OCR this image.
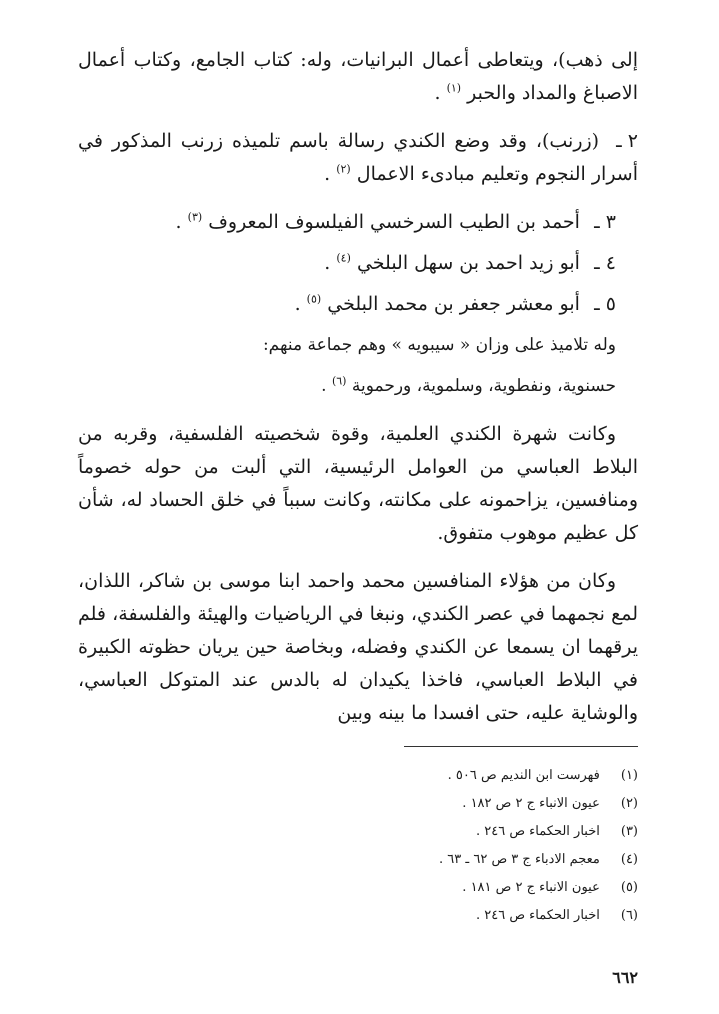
إلى ذهب)، ويتعاطى أعمال البرانيات، وله: كتاب الجامع، وكتاب أعمال الاصباغ والمداد والحبر $^{(١)}$ .

٢ ـ (زرنب)، وقد وضع الكندي رسالة باسم تلميذه زرنب المذكور في أسرار النجوم وتعليم مبادىء الاعمال $^{(٢)}$ .

٣ ـ أحمد بن الطيب السرخسي الفيلسوف المعروف $^{(٣)}$ .

٤ ـ أبو زيد احمد بن سهل البلخي $^{(٤)}$ .

٥ ـ أبو معشر جعفر بن محمد البلخي $^{(٥)}$ .

وله تلاميذ على وزان « سيبويه » وهم جماعة منهم:

حسنوية، ونفطوية، وسلموية، ورحموية $^{(٦)}$ .

وكانت شهرة الكندي العلمية، وقوة شخصيته الفلسفية، وقربه من البلاط العباسي من العوامل الرئيسية، التي ألبت من حوله خصوماً ومنافسين، يزاحمونه على مكانته، وكانت سبباً في خلق الحساد له، شأن كل عظيم موهوب متفوق.

وكان من هؤلاء المنافسين محمد واحمد ابنا موسى بن شاكر، اللذان، لمع نجمهما في عصر الكندي، ونبغا في الرياضيات والهيئة والفلسفة، فلم يرقهما ان يسمعا عن الكندي وفضله، وبخاصة حين يريان حظوته الكبيرة في البلاط العباسي، فاخذا يكيدان له بالدس عند المتوكل العباسي، والوشاية عليه، حتى افسدا ما بينه وبين

(١) فهرست ابن النديم ص ٥٠٦ .

(٢) عيون الانباء ج ٢ ص ١٨٢ .

(٣) اخبار الحكماء ص ٢٤٦ .

(٤) معجم الادباء ج ٣ ص ٦٢ ـ ٦٣ .

(٥) عيون الانباء ج ٢ ص ١٨١ .

(٦) اخبار الحكماء ص ٢٤٦ .

٦٦٢
